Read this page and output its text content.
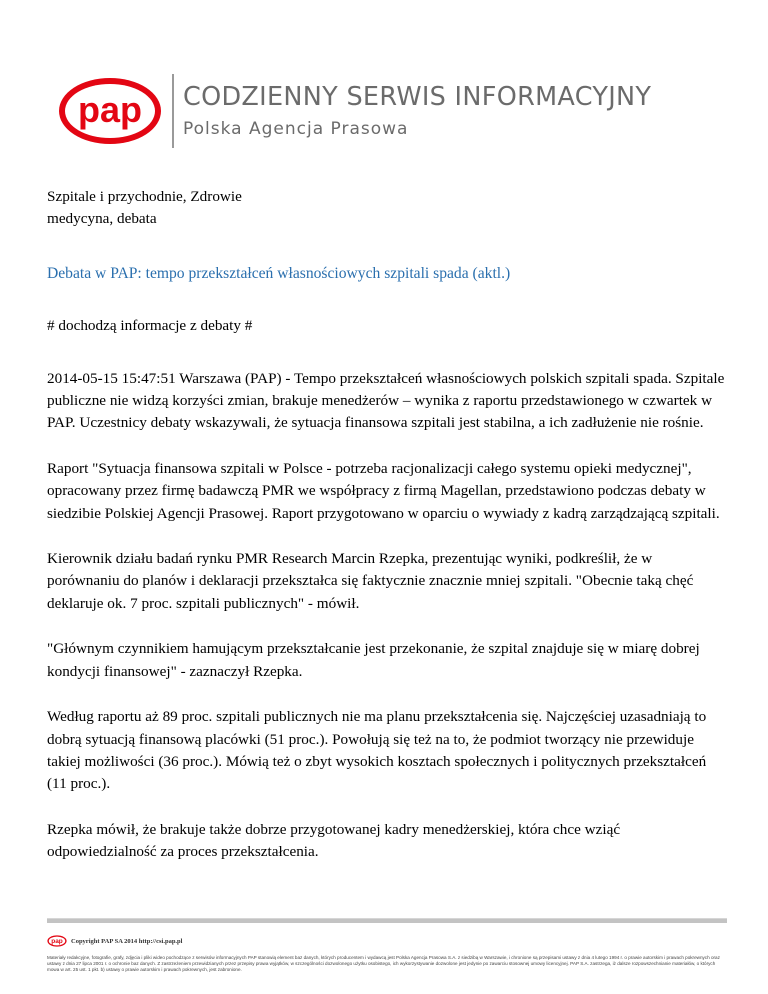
pap CODZIENNY SERWIS INFORMACYJNY
Polska Agencja Prasowa
Szpitale i przychodnie, Zdrowie
medycyna, debata
Debata w PAP: tempo przekształceń własnościowych szpitali spada (aktl.)
# dochodzą informacje z debaty #
2014-05-15 15:47:51 Warszawa (PAP) - Tempo przekształceń własnościowych polskich szpitali spada. Szpitale publiczne nie widzą korzyści zmian, brakuje menedżerów – wynika z raportu przedstawionego w czwartek w PAP. Uczestnicy debaty wskazywali, że sytuacja finansowa szpitali jest stabilna, a ich zadłużenie nie rośnie.
Raport "Sytuacja finansowa szpitali w Polsce - potrzeba racjonalizacji całego systemu opieki medycznej", opracowany przez firmę badawczą PMR we współpracy z firmą Magellan, przedstawiono podczas debaty w siedzibie Polskiej Agencji Prasowej. Raport przygotowano w oparciu o wywiady z kadrą zarządzającą szpitali.
Kierownik działu badań rynku PMR Research Marcin Rzepka, prezentując wyniki, podkreślił, że w porównaniu do planów i deklaracji przekształca się faktycznie znacznie mniej szpitali. "Obecnie taką chęć deklaruje ok. 7 proc. szpitali publicznych" - mówił.
"Głównym czynnikiem hamującym przekształcanie jest przekonanie, że szpital znajduje się w miarę dobrej kondycji finansowej" - zaznaczył Rzepka.
Według raportu aż 89 proc. szpitali publicznych nie ma planu przekształcenia się. Najczęściej uzasadniają to dobrą sytuacją finansową placówki (51 proc.). Powołują się też na to, że podmiot tworzący nie przewiduje takiej możliwości (36 proc.). Mówią też o zbyt wysokich kosztach społecznych i politycznych przekształceń (11 proc.).
Rzepka mówił, że brakuje także dobrze przygotowanej kadry menedżerskiej, która chce wziąć odpowiedzialność za proces przekształcenia.
pap Copyright PAP SA 2014 http://csi.pap.pl
Materiały redakcyjne, fotografie, grafy, zdjęcia i pliki wideo pochodzące z serwisów informacyjnych PAP stanowią element baz danych, których producentem i wydawcą jest Polska Agencja Prasowa S.A. z siedzibą w Warszawie, i chronione są przepisami ustawy z dnia 4 lutego 1994 r. o prawie autorskim i prawach pokrewnych oraz ustawy z dnia 27 lipca 2001 r. o ochronie baz danych. Z zastrzeżeniem przewidzianych przez przepisy prawa wyjątków, w szczególności dozwolonego użytku osobistego, ich wykorzystywanie dozwolone jest jedynie po zawarciu stosownej umowy licencyjnej. PAP S.A. zastrzega, iż dalsze rozpowszechnianie materiałów, o których mowa w art. 25 ust. 1 pkt. b) ustawy o prawie autorskim i prawach pokrewnych, jest zabronione.
